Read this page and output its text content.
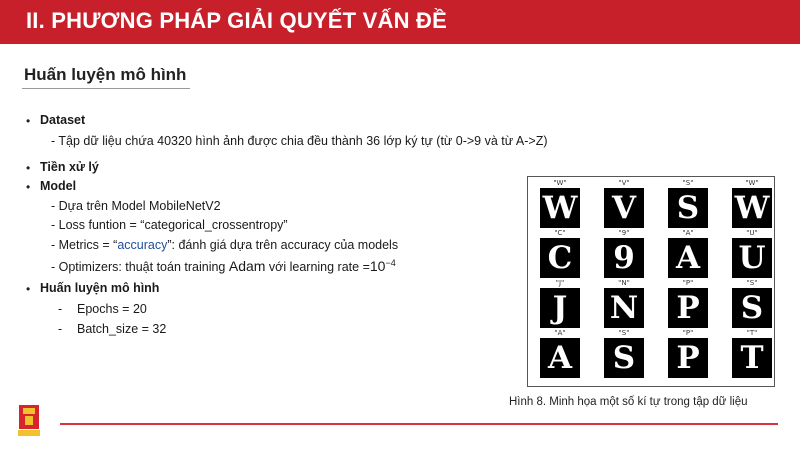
II. PHƯƠNG PHÁP GIẢI QUYẾT VẤN ĐỀ
Huấn luyện mô hình
• Dataset
- Tập dữ liệu chứa 40320 hình ảnh được chia đều thành 36 lớp ký tự (từ 0->9 và từ A->Z)
• Tiền xử lý
• Model
- Dựa trên Model MobileNetV2
- Loss funtion = “categorical_crossentropy”
- Metrics = “accuracy”: đánh giá dựa trên accuracy của models
- Optimizers: thuật toán training Adam với learning rate $=10^{-4}$
• Huấn luyện mô hình
- Epochs = 20
- Batch_size = 32
"W"
W
"V"
V
"S"
S
"W"
W
"C"
C
"9"
9
"A"
A
"U"
U
"J"
J
"N"
N
"P"
P
"S"
S
"A"
A
"S"
S
"P"
P
"T"
T
Hình 8. Minh họa một số kí tự trong tập dữ liệu
